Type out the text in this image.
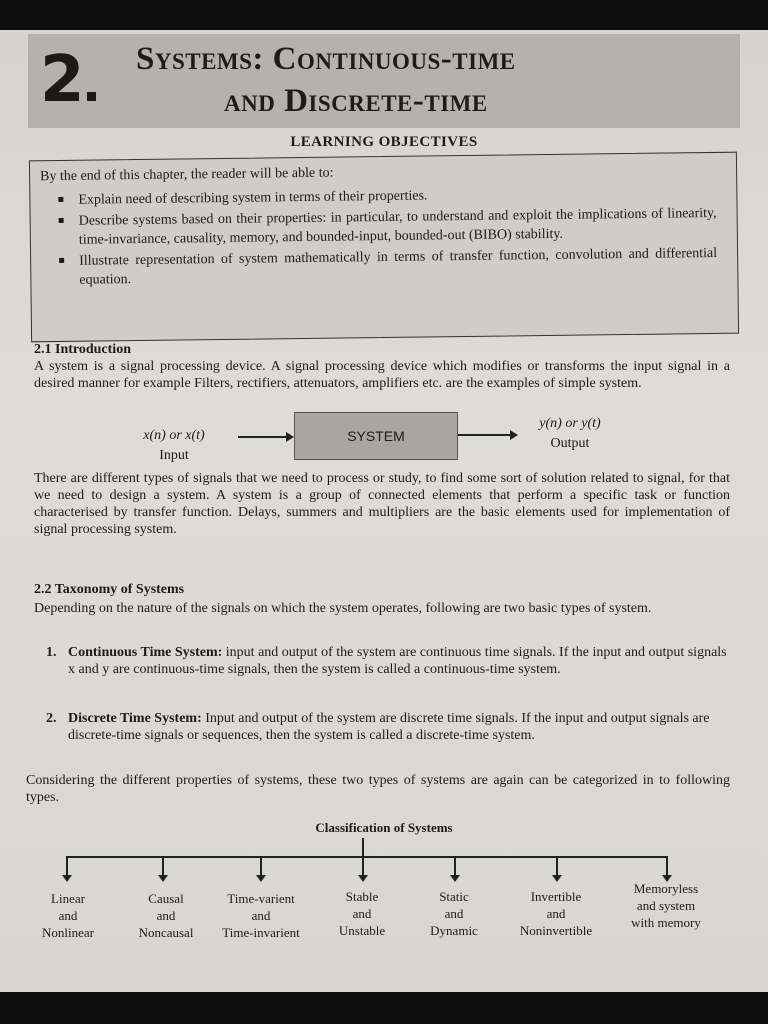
2	Systems: Continuous-time
and Discrete-time
LEARNING OBJECTIVES
By the end of this chapter, the reader will be able to:
Explain need of describing system in terms of their properties.
Describe systems based on their properties: in particular, to understand and exploit the implications of linearity, time-invariance, causality, memory, and bounded-input, bounded-out (BIBO) stability.
Illustrate representation of system mathematically in terms of transfer function, convolution and differential equation.
2.1 Introduction
A system is a signal processing device. A signal processing device which modifies or transforms the input signal in a desired manner for example Filters, rectifiers, attenuators, amplifiers etc. are the examples of simple system.
x(n) or x(t)
Input
SYSTEM
y(n) or y(t)
Output
There are different types of signals that we need to process or study, to find some sort of solution related to signal, for that we need to design a system. A system is a group of connected elements that perform a specific task or function characterised by transfer function. Delays, summers and multipliers are the basic elements used for implementation of signal processing system.
2.2 Taxonomy of Systems
Depending on the nature of the signals on which the system operates, following are two basic types of system.
1. Continuous Time System: input and output of the system are continuous time signals. If the input and output signals x and y are continuous-time signals, then the system is called a continuous-time system.
2. Discrete Time System: Input and output of the system are discrete time signals. If the input and output signals are discrete-time signals or sequences, then the system is called a discrete-time system.
Considering the different properties of systems, these two types of systems are again can be categorized in to following types.
Classification of Systems
Linear
and
Nonlinear
Causal
and
Noncausal
Time-varient
and
Time-invarient
Stable
and
Unstable
Static
and
Dynamic
Invertible
and
Noninvertible
Memoryless
and system
with memory
